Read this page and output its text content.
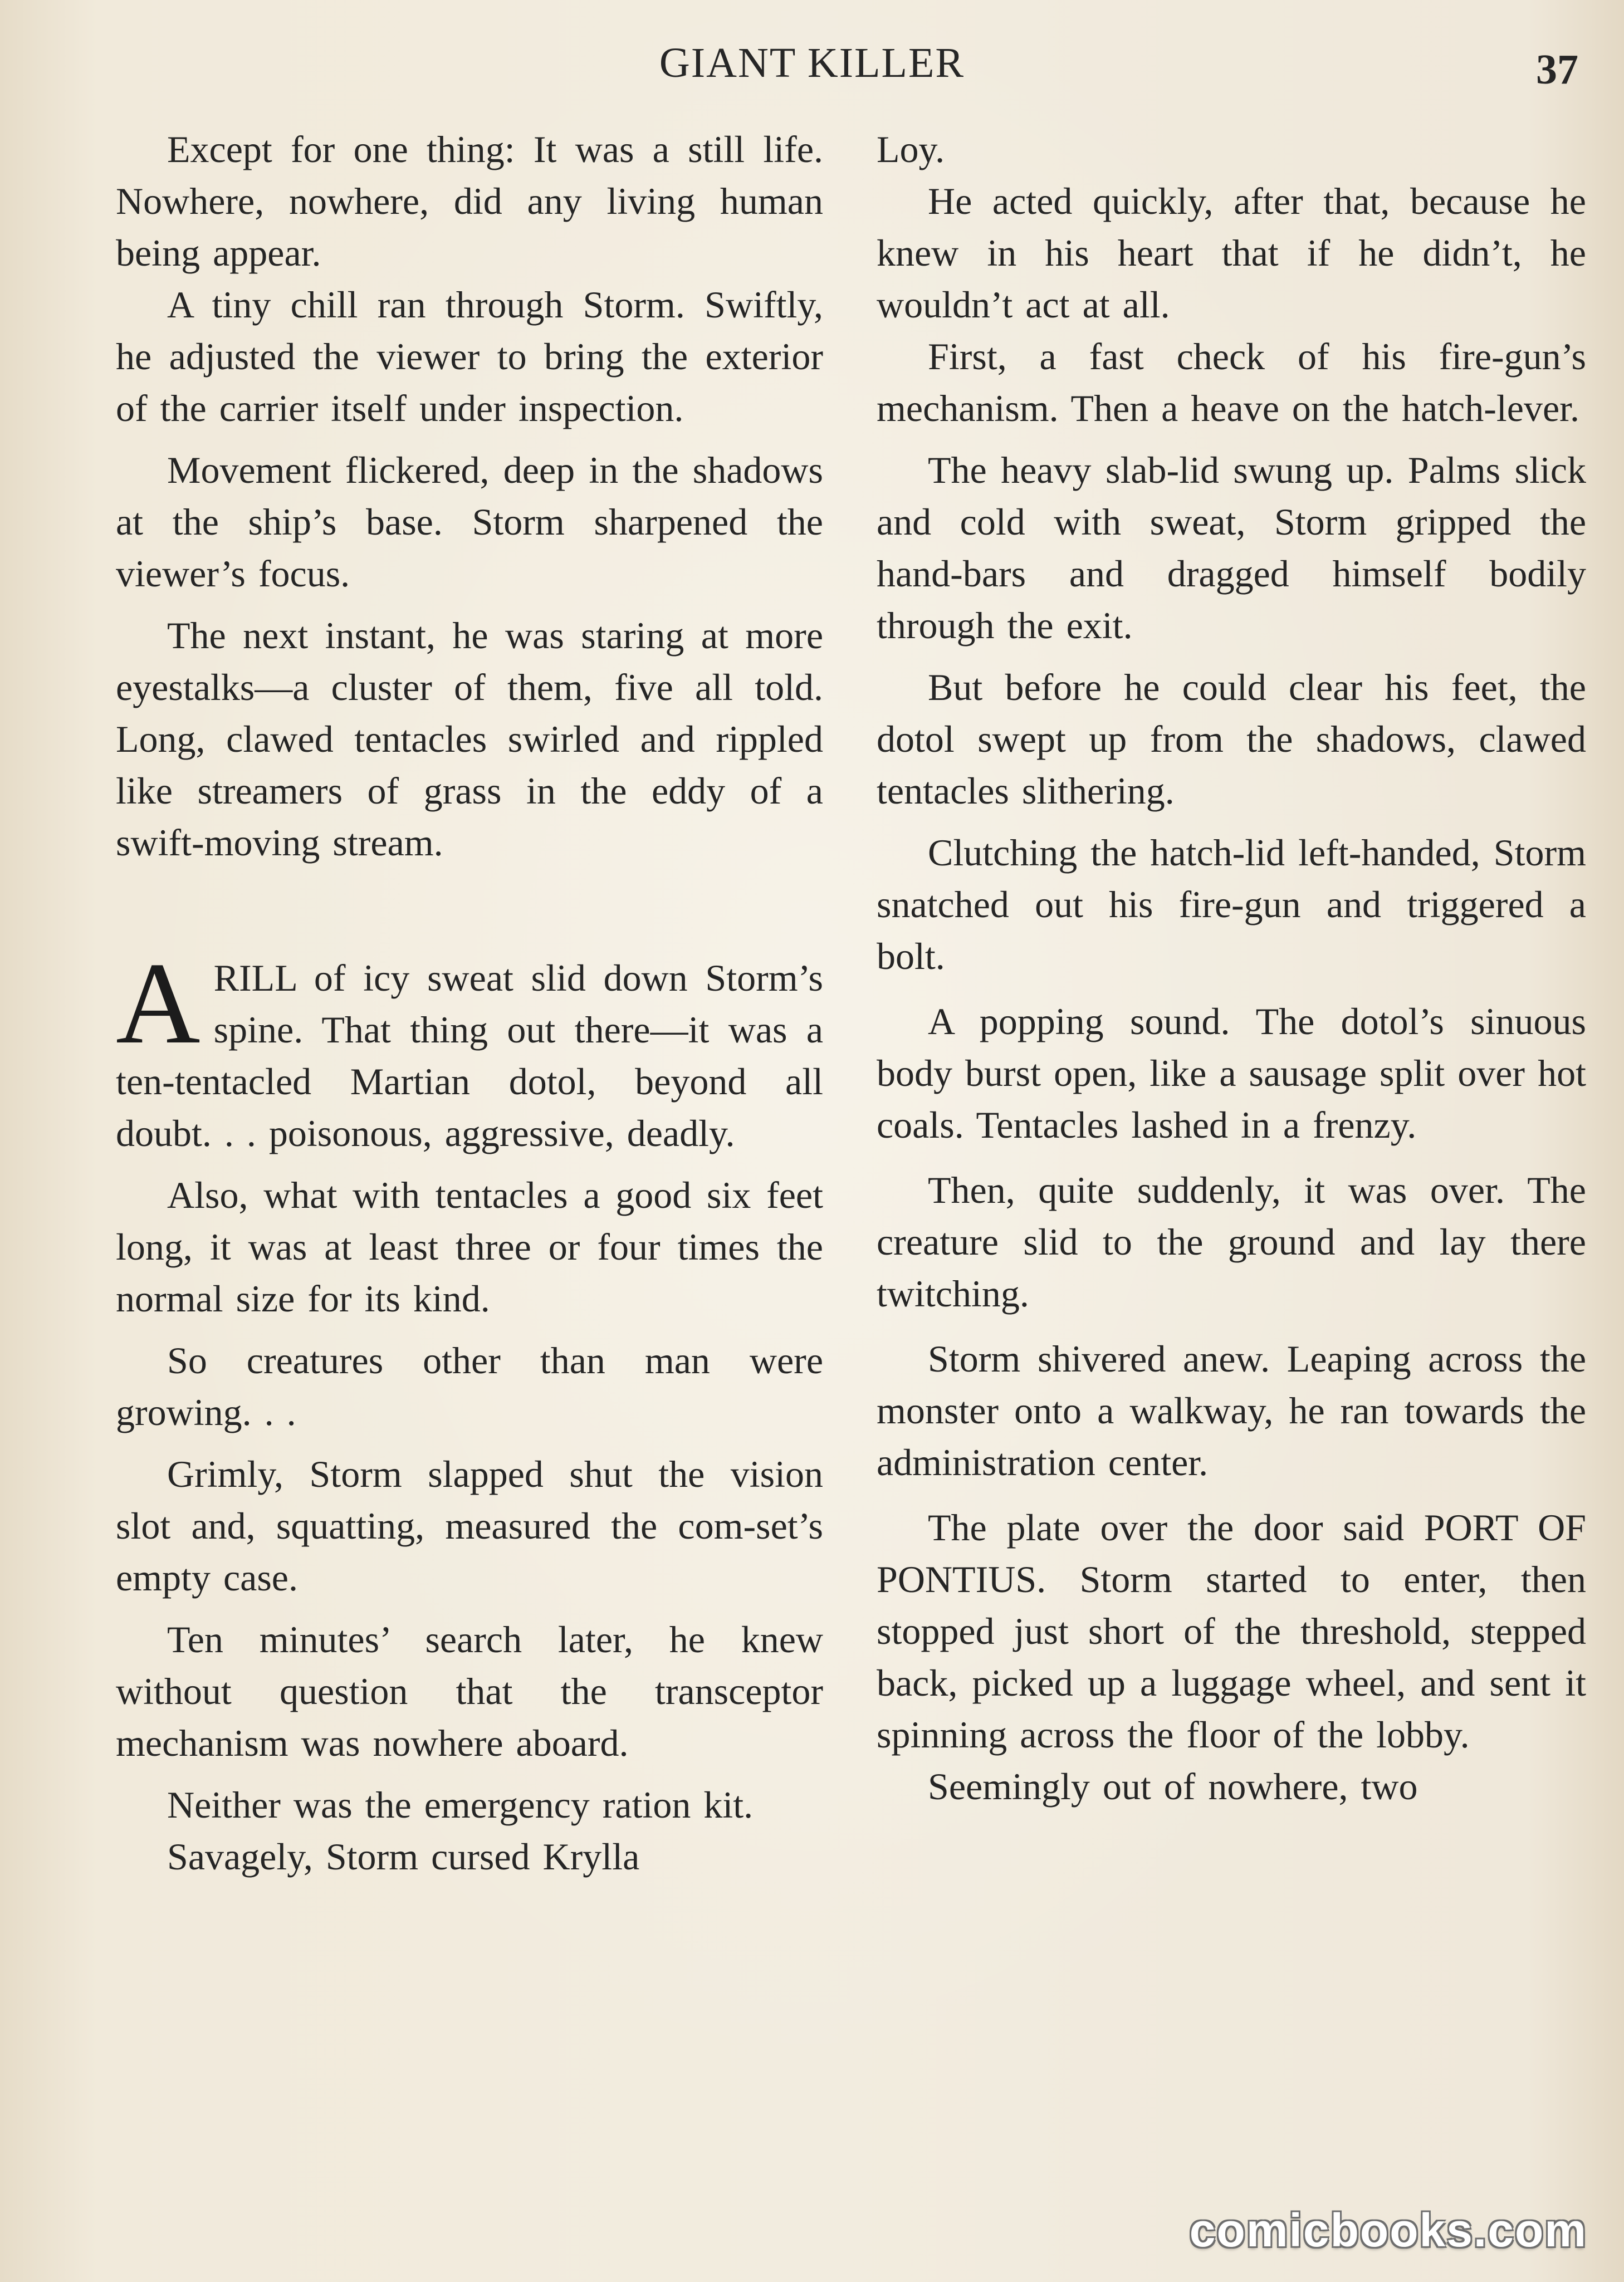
GIANT KILLER	37

Except for one thing: It was a still life. Nowhere, nowhere, did any living human being appear.

A tiny chill ran through Storm. Swiftly, he adjusted the viewer to bring the exterior of the carrier itself under inspection.

Movement flickered, deep in the shadows at the ship’s base. Storm sharpened the viewer’s focus.

The next instant, he was staring at more eyestalks—a cluster of them, five all told. Long, clawed tentacles swirled and rippled like streamers of grass in the eddy of a swift-moving stream.

ARILL of icy sweat slid down Storm’s spine. That thing out there—it was a ten-tentacled Martian dotol, beyond all doubt. . . poisonous, aggressive, deadly.

Also, what with tentacles a good six feet long, it was at least three or four times the normal size for its kind.

So creatures other than man were growing. . .

Grimly, Storm slapped shut the vision slot and, squatting, measured the com-set’s empty case.

Ten minutes’ search later, he knew without question that the transceptor mechanism was nowhere aboard.

Neither was the emergency ration kit.

Savagely, Storm cursed Krylla

Loy.

He acted quickly, after that, because he knew in his heart that if he didn’t, he wouldn’t act at all.

First, a fast check of his fire-gun’s mechanism. Then a heave on the hatch-lever.

The heavy slab-lid swung up. Palms slick and cold with sweat, Storm gripped the hand-bars and dragged himself bodily through the exit.

But before he could clear his feet, the dotol swept up from the shadows, clawed tentacles slithering.

Clutching the hatch-lid left-handed, Storm snatched out his fire-gun and triggered a bolt.

A popping sound. The dotol’s sinuous body burst open, like a sausage split over hot coals. Tentacles lashed in a frenzy.

Then, quite suddenly, it was over. The creature slid to the ground and lay there twitching.

Storm shivered anew. Leaping across the monster onto a walkway, he ran towards the administration center.

The plate over the door said PORT OF PONTIUS. Storm started to enter, then stopped just short of the threshold, stepped back, picked up a luggage wheel, and sent it spinning across the floor of the lobby.

Seemingly out of nowhere, two

comicbooks.com
